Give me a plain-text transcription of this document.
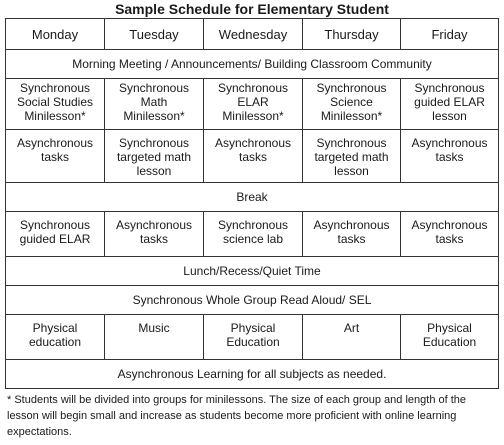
Sample Schedule for Elementary Student
Monday	Tuesday	Wednesday	Thursday	Friday
Morning Meeting / Announcements/ Building Classroom Community				

Synchronous
Social Studies
Minilesson*	Synchronous
Math
Minilesson*	Synchronous
ELAR
Minilesson*	Synchronous
Science
Minilesson*	Synchronous
guided ELAR
lesson

Asynchronous
tasks	Synchronous
targeted math
lesson	Asynchronous
tasks	Synchronous
targeted math
lesson	Asynchronous
tasks

Break				

Synchronous
guided ELAR	Asynchronous
tasks	Synchronous
science lab	Asynchronous
tasks	Asynchronous
tasks

Lunch/Recess/Quiet Time				
Synchronous Whole Group Read Aloud/ SEL				

Physical
education	Music	Physical
Education	Art	Physical
Education

Asynchronous Learning for all subjects as needed.				
* Students will be divided into groups for minilessons. The size of each group and length of the lesson will begin small and increase as students become more proficient with online learning expectations.
